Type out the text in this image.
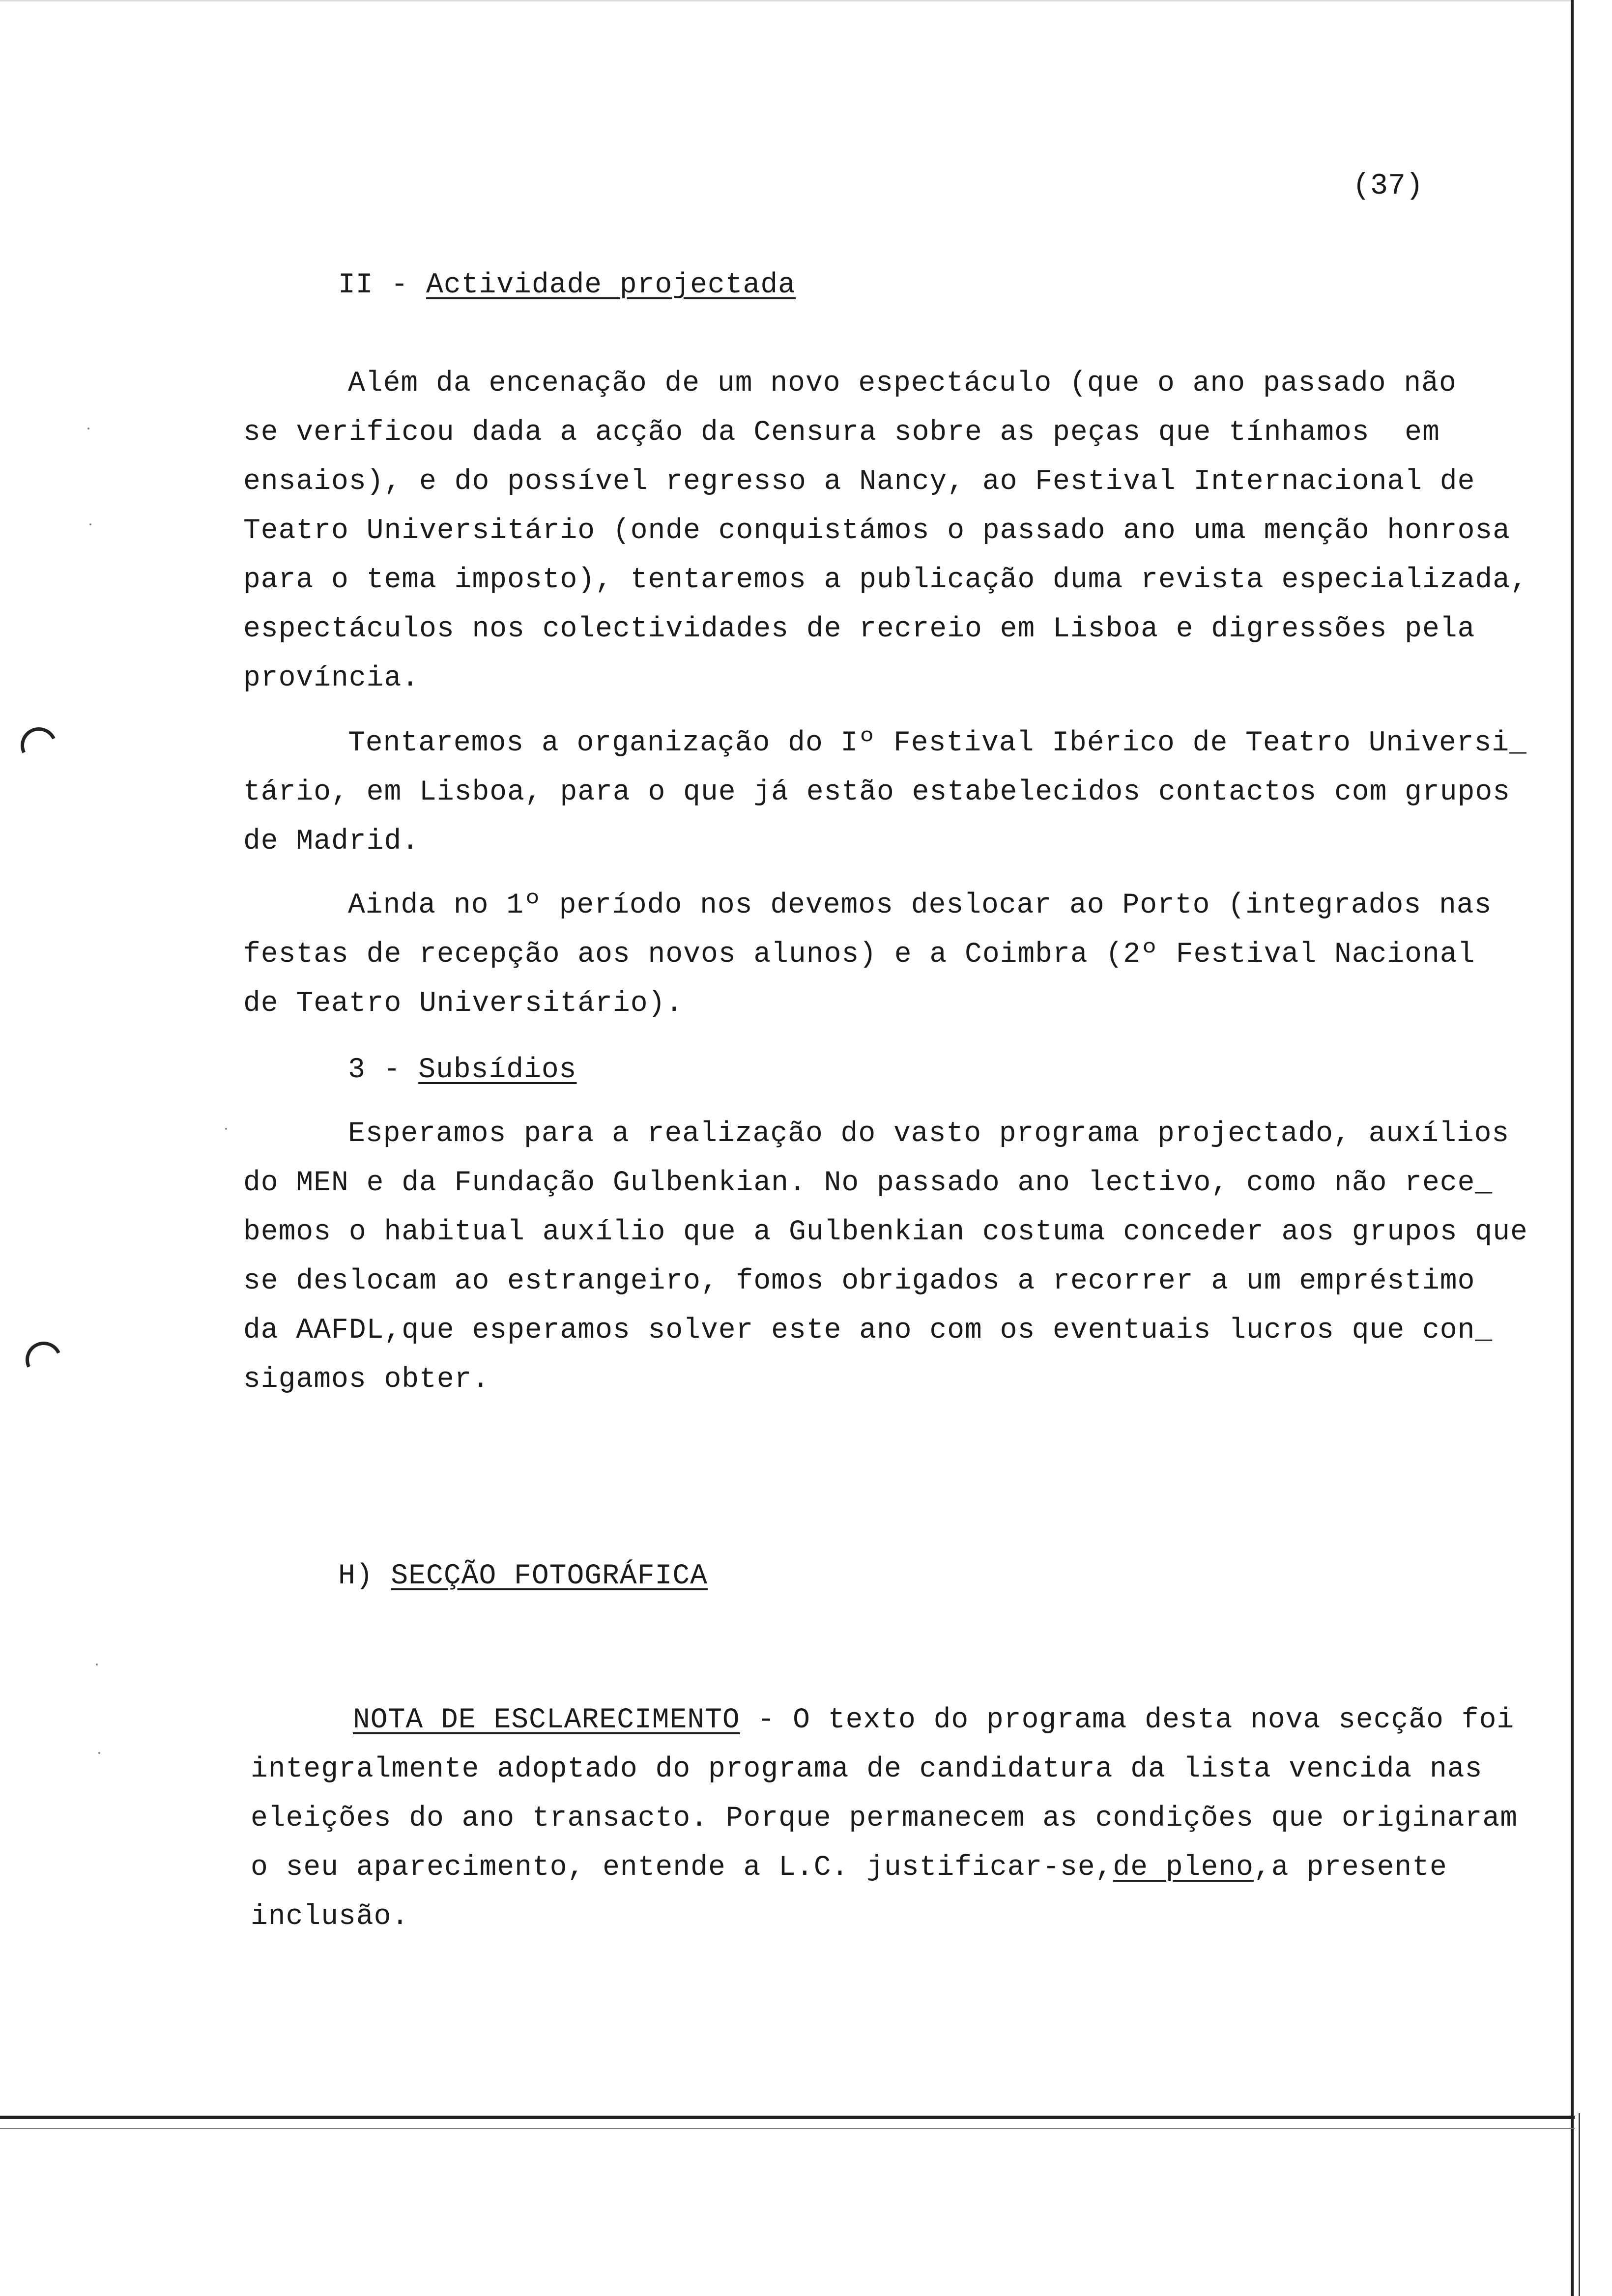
(37)
II - Actividade projectada
Além da encenação de um novo espectáculo (que o ano passado não
se verificou dada a acção da Censura sobre as peças que tínhamos  em
ensaios), e do possível regresso a Nancy, ao Festival Internacional de
Teatro Universitário (onde conquistámos o passado ano uma menção honrosa
para o tema imposto), tentaremos a publicação duma revista especializada,
espectáculos nos colectividades de recreio em Lisboa e digressões pela
província.
Tentaremos a organização do Iº Festival Ibérico de Teatro Universi_
tário, em Lisboa, para o que já estão estabelecidos contactos com grupos
de Madrid.
Ainda no 1º período nos devemos deslocar ao Porto (integrados nas
festas de recepção aos novos alunos) e a Coimbra (2º Festival Nacional
de Teatro Universitário).
3 - Subsídios
Esperamos para a realização do vasto programa projectado, auxílios
do MEN e da Fundação Gulbenkian. No passado ano lectivo, como não rece_
bemos o habitual auxílio que a Gulbenkian costuma conceder aos grupos que
se deslocam ao estrangeiro, fomos obrigados a recorrer a um empréstimo
da AAFDL,que esperamos solver este ano com os eventuais lucros que con_
sigamos obter.
H) SECÇÃO FOTOGRÁFICA
NOTA DE ESCLARECIMENTO - O texto do programa desta nova secção foi
integralmente adoptado do programa de candidatura da lista vencida nas
eleições do ano transacto. Porque permanecem as condições que originaram
o seu aparecimento, entende a L.C. justificar-se,de pleno,a presente
inclusão.
